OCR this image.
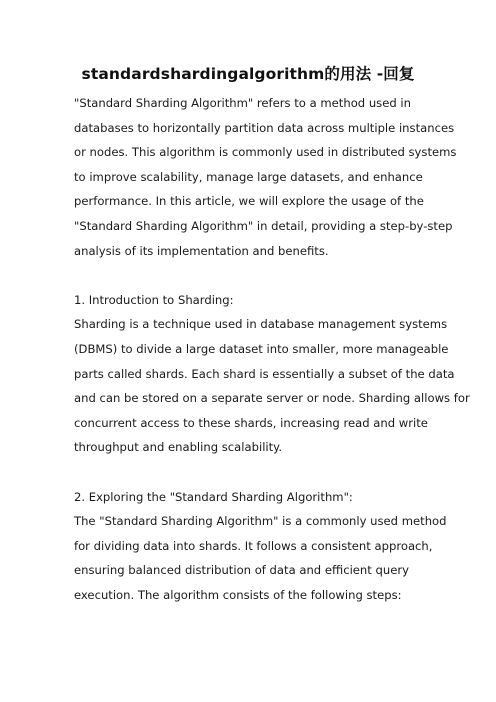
standardshardingalgorithm的用法 -回复
"Standard Sharding Algorithm" refers to a method used in
databases to horizontally partition data across multiple instances
or nodes. This algorithm is commonly used in distributed systems
to improve scalability, manage large datasets, and enhance
performance. In this article, we will explore the usage of the
"Standard Sharding Algorithm" in detail, providing a step-by-step
analysis of its implementation and benefits.
1. Introduction to Sharding:
Sharding is a technique used in database management systems
(DBMS) to divide a large dataset into smaller, more manageable
parts called shards. Each shard is essentially a subset of the data
and can be stored on a separate server or node. Sharding allows for
concurrent access to these shards, increasing read and write
throughput and enabling scalability.
2. Exploring the "Standard Sharding Algorithm":
The "Standard Sharding Algorithm" is a commonly used method
for dividing data into shards. It follows a consistent approach,
ensuring balanced distribution of data and efficient query
execution. The algorithm consists of the following steps:
